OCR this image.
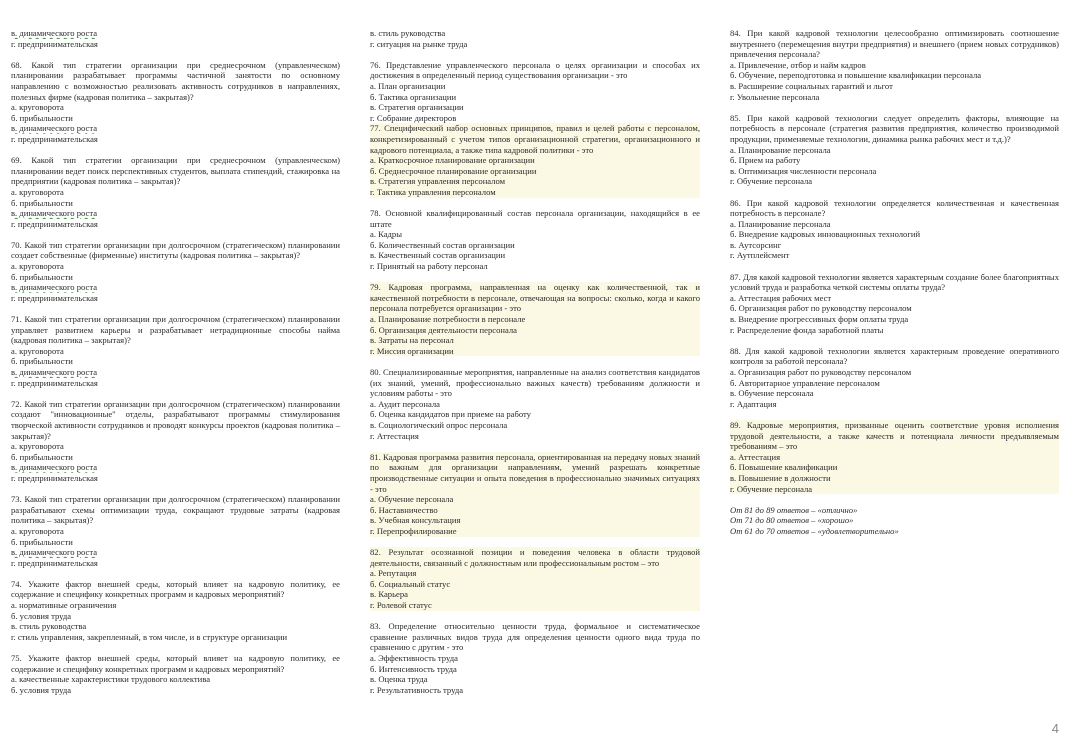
в. динамического роста

г. предпринимательская

68. Какой тип стратегии организации при среднесрочном (управленческом) планировании разрабатывает программы частичной занятости по основному направлению с возможностью реализовать активность сотрудников в направлениях, полезных фирме (кадровая политика – закрытая)?

а. круговорота

б. прибыльности

в. динамического роста

г. предпринимательская

69. Какой тип стратегии организации при среднесрочном (управленческом) планировании ведет поиск перспективных студентов, выплата стипендий, стажировка на предприятии (кадровая политика – закрытая)?

а. круговорота

б. прибыльности

в. динамического роста

г. предпринимательская

70. Какой тип стратегии организации при долгосрочном (стратегическом) планировании создает собственные (фирменные) институты (кадровая политика – закрытая)?

а. круговорота

б. прибыльности

в. динамического роста

г. предпринимательская

71. Какой тип стратегии организации при долгосрочном (стратегическом) планировании управляет развитием карьеры и разрабатывает нетрадиционные способы найма (кадровая политика – закрытая)?

а. круговорота

б. прибыльности

в. динамического роста

г. предпринимательская

72. Какой тип стратегии организации при долгосрочном (стратегическом) планировании создают "инновационные" отделы, разрабатывают программы стимулирования творческой активности сотрудников и проводят конкурсы проектов (кадровая политика – закрытая)?

а. круговорота

б. прибыльности

в. динамического роста

г. предпринимательская

73. Какой тип стратегии организации при долгосрочном (стратегическом) планировании разрабатывают схемы оптимизации труда, сокращают трудовые затраты (кадровая политика – закрытая)?

а. круговорота

б. прибыльности

в. динамического роста

г. предпринимательская

74. Укажите фактор внешней среды, который влияет на кадровую политику, ее содержание и специфику конкретных программ и кадровых мероприятий?

а. нормативные ограничения

б. условия труда

в. стиль руководства

г. стиль управления, закрепленный, в том числе, и в структуре организации

75. Укажите фактор внешней среды, который влияет на кадровую политику, ее содержание и специфику конкретных программ и кадровых мероприятий?

а. качественные характеристики трудового коллектива

б. условия труда

в. стиль руководства

г. ситуация на рынке труда

76. Представление управленческого персонала о целях организации и способах их достижения в определенный период существования организации - это

а. План организации

б. Тактика организации

в. Стратегия организации

г. Собрание директоров

77. Специфический набор основных принципов, правил и целей работы с персоналом, конкретизированный с учетом типов организационной стратегии, организационного и кадрового потенциала, а также типа кадровой политики - это

а. Краткосрочное планирование организации

б. Среднесрочное планирование организации

в. Стратегия управления персоналом

г. Тактика управления персоналом

78. Основной квалифицированный состав персонала организации, находящийся в ее штате

а. Кадры

б. Количественный состав организации

в. Качественный состав организации

г. Принятый на работу персонал

79. Кадровая программа, направленная на оценку как количественной, так и качественной потребности в персонале, отвечающая на вопросы: сколько, когда и какого персонала потребуется организации - это

а. Планирование потребности в персонале

б. Организация деятельности персонала

в. Затраты на персонал

г. Миссия организации

80. Специализированные мероприятия, направленные на анализ соответствия кандидатов (их знаний, умений, профессионально важных качеств) требованиям должности и условиям работы - это

а. Аудит персонала

б. Оценка кандидатов при приеме на работу

в. Социологический опрос персонала

г. Аттестация

81. Кадровая программа развития персонала, ориентированная на передачу новых знаний по важным для организации направлениям, умений разрешать конкретные производственные ситуации и опыта поведения в профессионально значимых ситуациях - это

а. Обучение персонала

б. Наставничество

в. Учебная консультация

г. Перепрофилирование

82. Результат осознанной позиции и поведения человека в области трудовой деятельности, связанный с должностным или профессиональным ростом – это

а. Репутация

б. Социальный статус

в. Карьера

г. Ролевой статус

83. Определение относительно ценности труда, формальное и систематическое сравнение различных видов труда для определения ценности одного вида труда по сравнению с другим - это

а. Эффективность труда

б. Интенсивность труда

в. Оценка труда

г. Результативность труда

84. При какой кадровой технологии целесообразно оптимизировать соотношение внутреннего (перемещения внутри предприятия) и внешнего (прием новых сотрудников) привлечения персонала?

а. Привлечение, отбор и найм кадров

б. Обучение, переподготовка и повышение квалификации персонала

в. Расширение социальных гарантий и льгот

г. Увольнение персонала

85. При какой кадровой технологии следует определить факторы, влияющие на потребность в персонале (стратегия развития предприятия, количество производимой продукции, применяемые технологии, динамика рынка рабочих мест и т.д.)?

а. Планирование персонала

б. Прием на работу

в. Оптимизация численности персонала

г. Обучение персонала

86. При какой кадровой технологии определяется количественная и качественная потребность в персонале?

а. Планирование персонала

б. Внедрение кадровых инновационных технологий

в. Аутсорсинг

г. Аутплейсмент

87. Для какой кадровой технологии является характерным создание более благоприятных условий труда и разработка четкой системы оплаты труда?

а. Аттестация рабочих мест

б. Организация работ по руководству персоналом

в. Внедрение прогрессивных форм оплаты труда

г. Распределение фонда заработной платы

88. Для какой кадровой технологии является характерным проведение оперативного контроля за работой персонала?

а. Организация работ по руководству персоналом

б. Авторитарное управление персоналом

в. Обучение персонала

г. Адаптация

89. Кадровые мероприятия, призванные оценить соответствие уровня исполнения трудовой деятельности, а также качеств и потенциала личности предъявляемым требованиям – это

а. Аттестация

б. Повышение квалификации

в. Повышение в должности

г. Обучение персонала

От 81 до 89 ответов – «отлично»

От 71 до 80 ответов – «хорошо»

От 61 до 70 ответов – «удовлетворительно»

4
